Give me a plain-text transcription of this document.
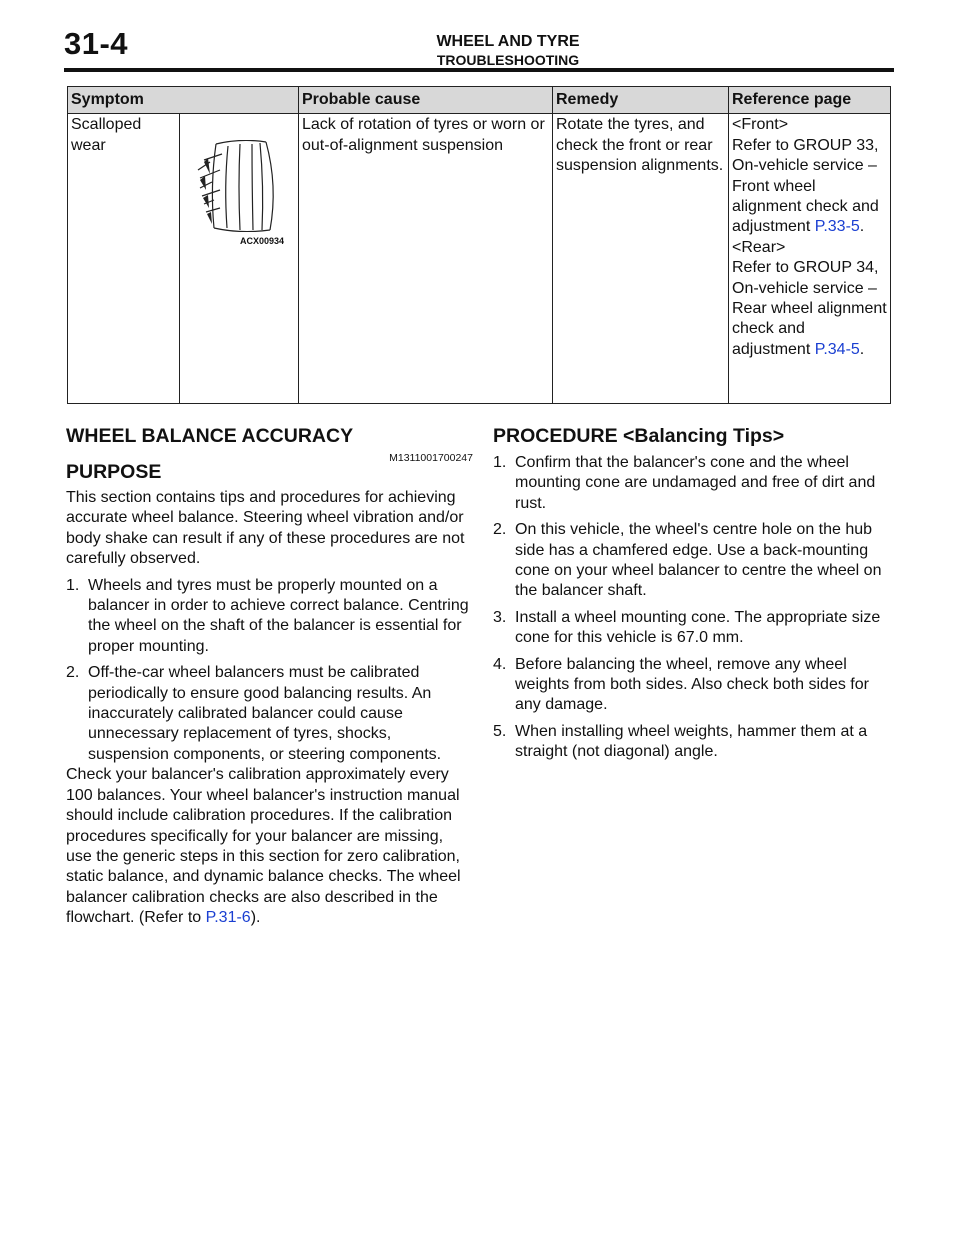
31-4	WHEEL AND TYRE
TROUBLESHOOTING
Symptom		Probable cause	Remedy	Reference page
Scalloped wear	ACX00934	Lack of rotation of tyres or worn or out-of-alignment suspension	Rotate the tyres, and check the front or rear suspension alignments.	<Front>
Refer to GROUP 33, On-vehicle service – Front wheel alignment check and adjustment P.33-5.
<Rear>
Refer to GROUP 34, On-vehicle service – Rear wheel alignment check and adjustment P.34-5.
WHEEL BALANCE ACCURACY
M1311001700247
PURPOSE

This section contains tips and procedures for achieving accurate wheel balance. Steering wheel vibration and/or body shake can result if any of these procedures are not carefully observed.

1. Wheels and tyres must be properly mounted on a balancer in order to achieve correct balance. Centring the wheel on the shaft of the balancer is essential for proper mounting.
2. Off-the-car wheel balancers must be calibrated periodically to ensure good balancing results. An inaccurately calibrated balancer could cause unnecessary replacement of tyres, shocks, suspension components, or steering components.

Check your balancer's calibration approximately every 100 balances. Your wheel balancer's instruction manual should include calibration procedures. If the calibration procedures specifically for your balancer are missing, use the generic steps in this section for zero calibration, static balance, and dynamic balance checks. The wheel balancer calibration checks are also described in the flowchart. (Refer to P.31-6).

PROCEDURE <Balancing Tips>
1. Confirm that the balancer's cone and the wheel mounting cone are undamaged and free of dirt and rust.
2. On this vehicle, the wheel's centre hole on the hub side has a chamfered edge. Use a back-mounting cone on your wheel balancer to centre the wheel on the balancer shaft.
3. Install a wheel mounting cone. The appropriate size cone for this vehicle is 67.0 mm.
4. Before balancing the wheel, remove any wheel weights from both sides. Also check both sides for any damage.
5. When installing wheel weights, hammer them at a straight (not diagonal) angle.
